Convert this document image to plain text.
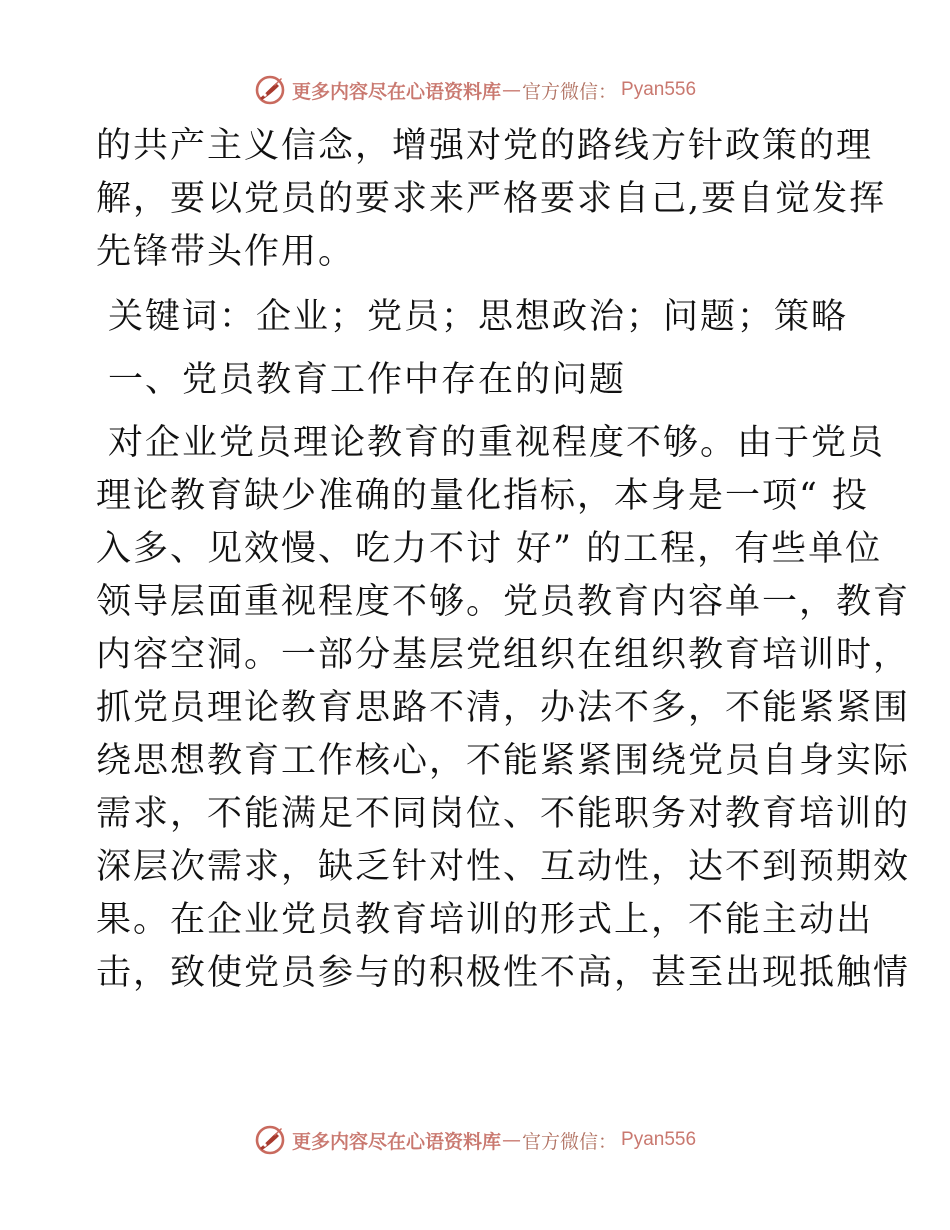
更多内容尽在心语资料库 — 官方微信 ： Pyan556
的共产主义信念，增强对党的路线方针政策的理
解，要以党员的要求来严格要求自己,要自觉发挥
先锋带头作用。
关键词：企业；党员；思想政治；问题；策略
一、党员教育工作中存在的问题
对企业党员理论教育的重视程度不够。由于党员
理论教育缺少准确的量化指标，本身是一项“ 投
入多、见效慢、吃力不讨 好” 的工程，有些单位
领导层面重视程度不够。党员教育内容单一，教育
内容空洞。一部分基层党组织在组织教育培训时，
抓党员理论教育思路不清，办法不多，不能紧紧围
绕思想教育工作核心，不能紧紧围绕党员自身实际
需求，不能满足不同岗位、不能职务对教育培训的
深层次需求，缺乏针对性、互动性，达不到预期效
果。在企业党员教育培训的形式上，不能主动出
击，致使党员参与的积极性不高，甚至出现抵触情
更多内容尽在心语资料库 — 官方微信 ： Pyan556
